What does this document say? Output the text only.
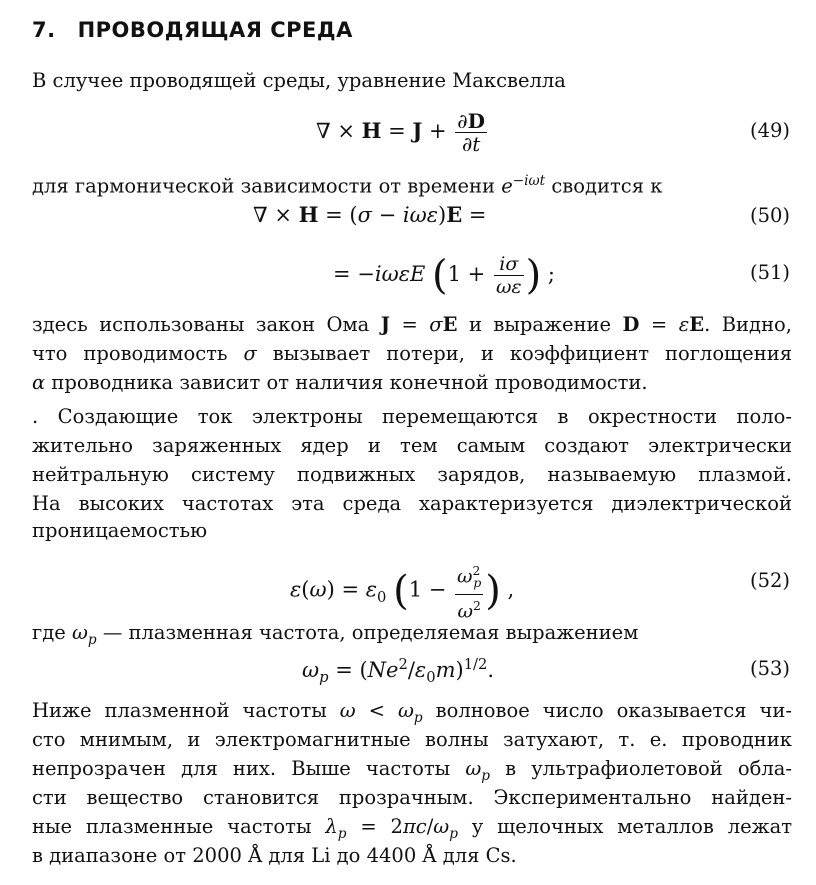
7. ПРОВОДЯЩАЯ СРЕДА
В случее проводящей среды, уравнение Максвелла
∇ × $H = J + \frac{\partial D}{\partial t}$	(49)
для гармонической зависимости от времени $e^{-i\omega t}$ сводится к
∇ × H = (σ − iωε)E =	(50)
= −iωεE ($1 + \frac{i\sigma}{\omega\varepsilon}$ ) ;	(51)
здесь использованы закон Ома J = σE и выражение D = εE. Видно,
что проводимость σ вызывает потери, и коэффициент поглощения
α проводника зависит от наличия конечной проводимости.
. Создающие ток электроны перемещаются в окрестности поло-
жительно заряженных ядер и тем самым создают электрически
нейтральную систему подвижных зарядов, называемую плазмой.
На высоких частотах эта среда характеризуется диэлектрической
проницаемостью
$\varepsilon(\omega) = \varepsilon_0$ ($1 - \frac{\omega^2_p}{\omega^2}$ ) ,	(52)
где $\omega_p$ — плазменная частота, определяемая выражением
$\omega_p = (Ne^2/\varepsilon_0m)^{1/2}$.	(53)
Ниже плазменной частоты $\omega < \omega_p$ волновое число оказывается чи-
сто мнимым, и электромагнитные волны затухают, т. е. проводник
непрозрачен для них. Выше частоты $\omega_p$ в ультрафиолетовой обла-
сти вещество становится прозрачным. Экспериментально найден-
ные плазменные частоты $\lambda_p = 2\pi c/\omega_p$ у щелочных металлов лежат
в диапазоне от 2000 Å для Li до 4400 Å для Cs.
